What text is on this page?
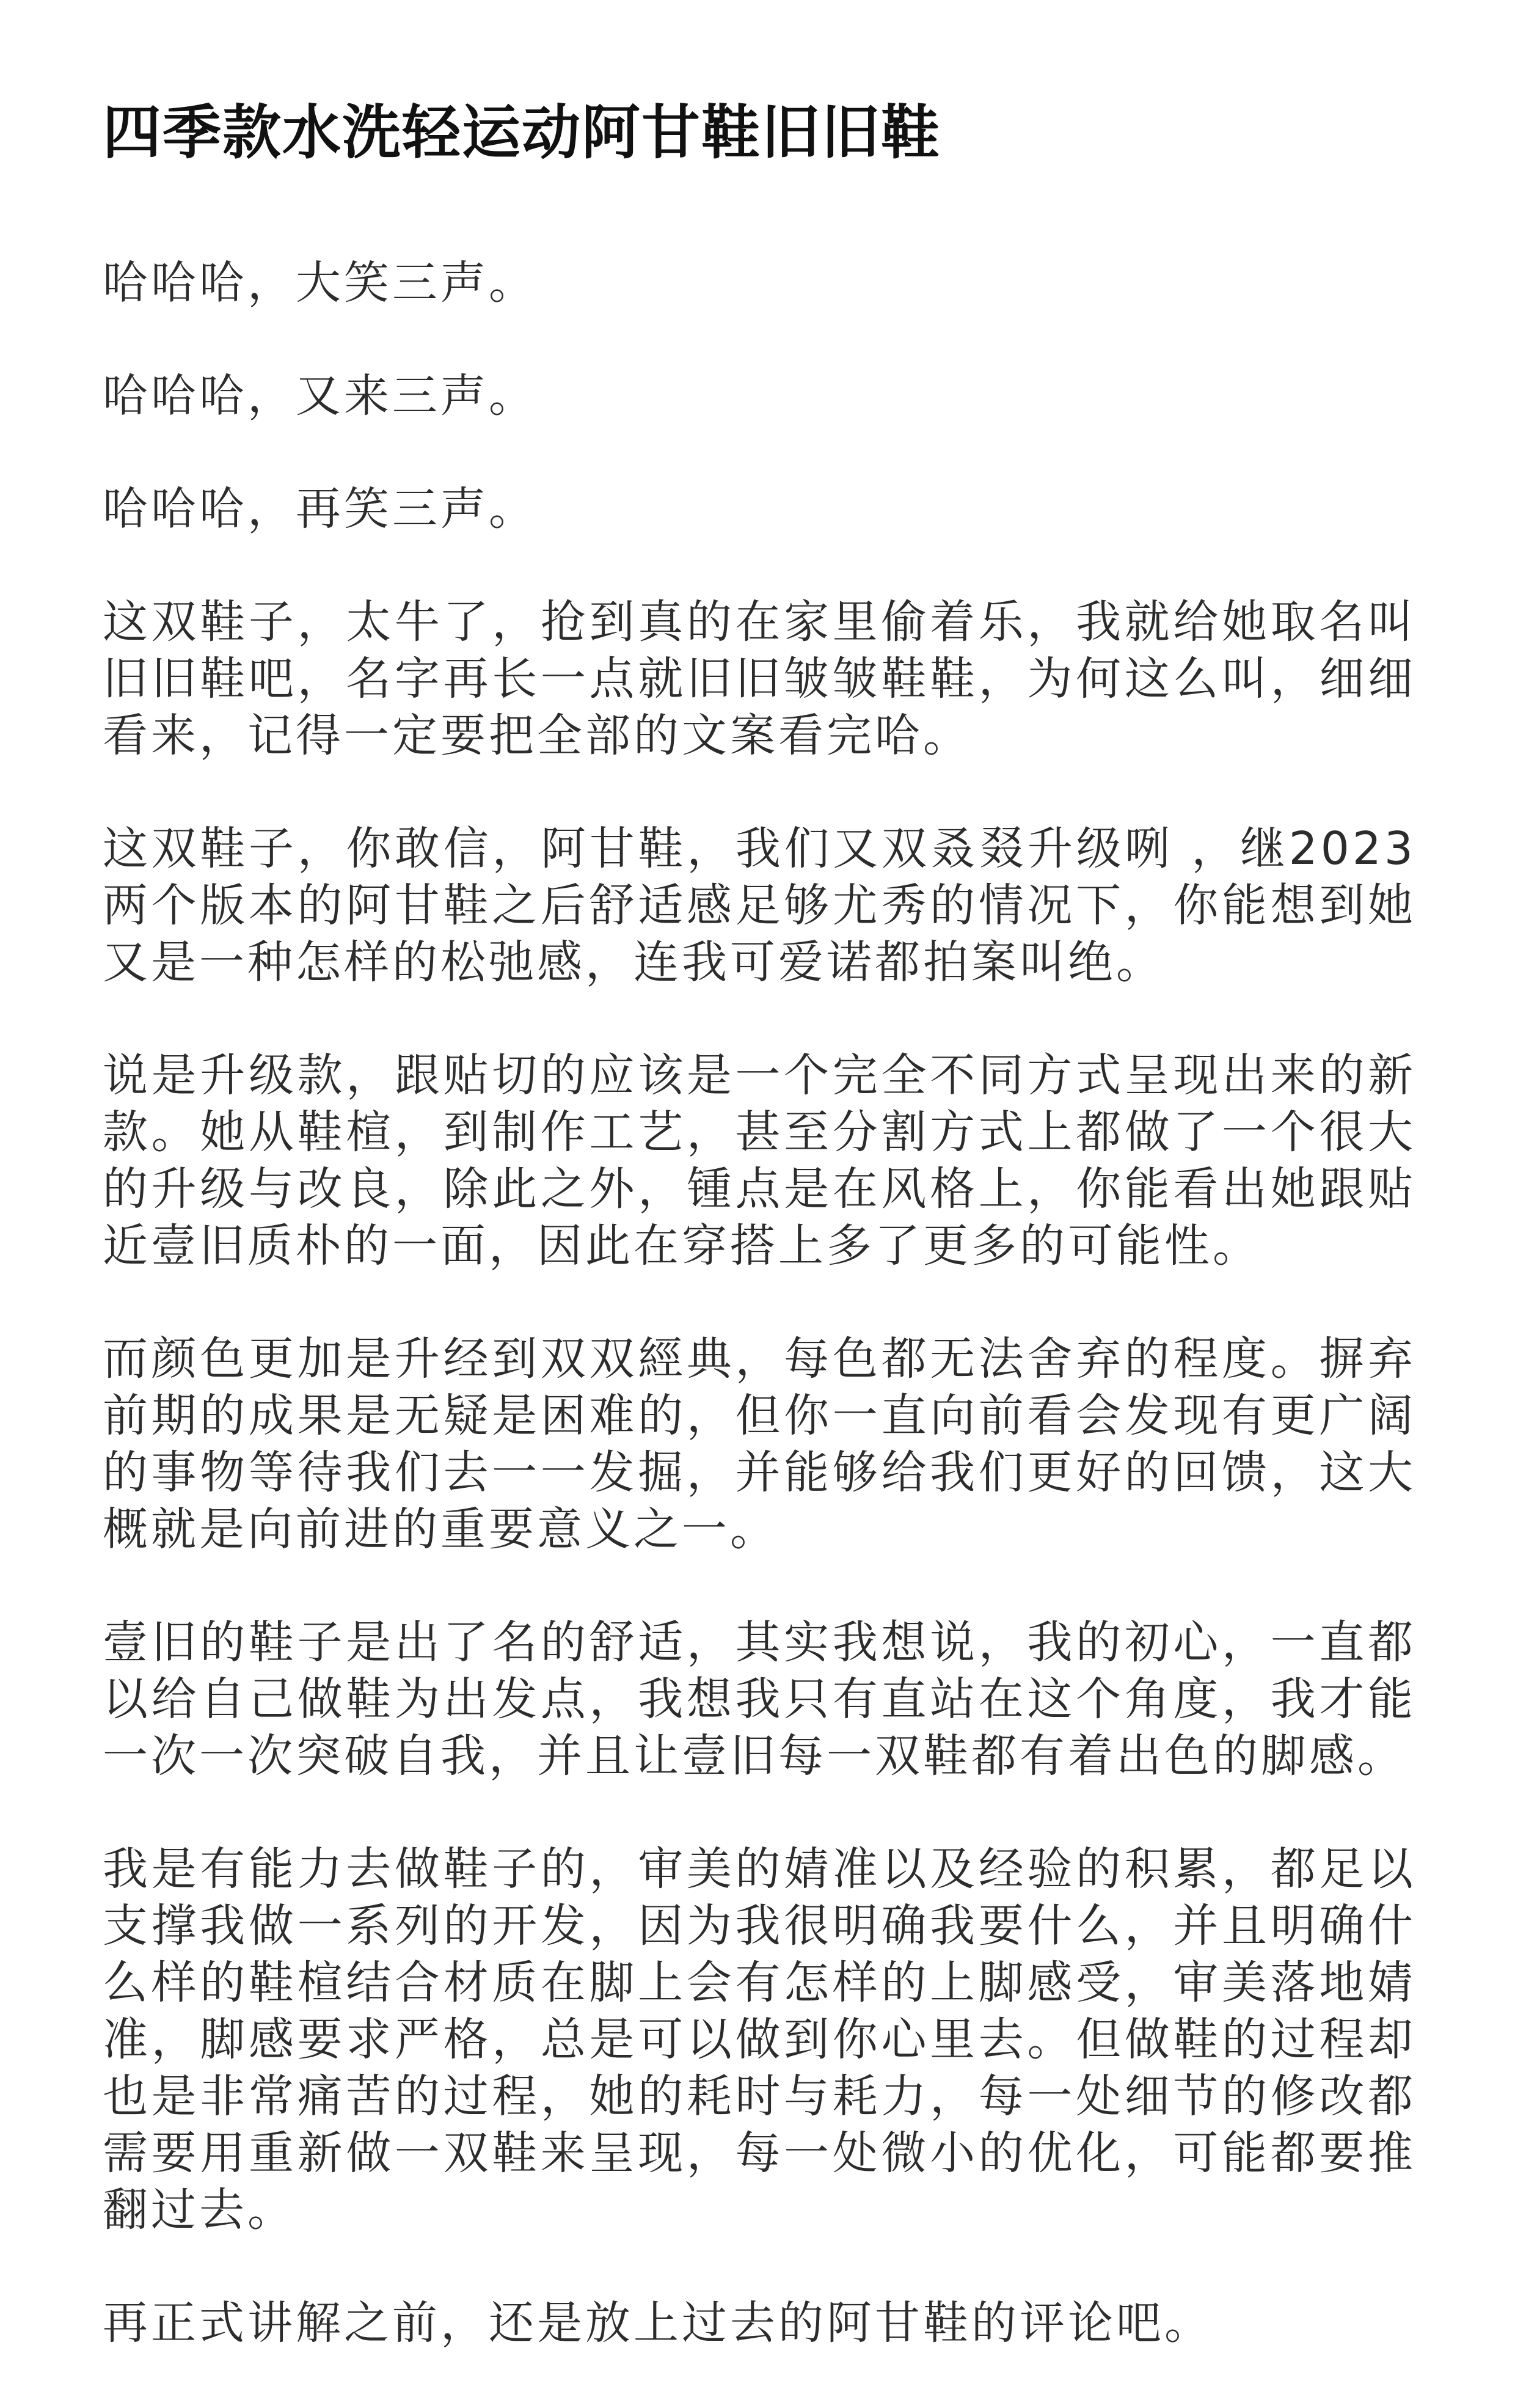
四季款水洗轻运动阿甘鞋旧旧鞋

哈哈哈，大笑三声。

哈哈哈，又来三声。

哈哈哈，再笑三声。

这双鞋子，太牛了，抢到真的在家里偷着乐，我就给她取名叫旧旧鞋吧，名字再长一点就旧旧皱皱鞋鞋，为何这么叫，细细看来，记得一定要把全部的文案看完哈。

这双鞋子，你敢信，阿甘鞋，我们又双叒叕升级咧 ，继2023两个版本的阿甘鞋之后舒适感足够尤秀的情况下，你能想到她又是一种怎样的松弛感，连我可爱诺都拍案叫绝。

说是升级款，跟贴切的应该是一个完全不同方式呈现出来的新款。她从鞋楦，到制作工艺，甚至分割方式上都做了一个很大的升级与改良，除此之外，锺点是在风格上，你能看出她跟贴近壹旧质朴的一面，因此在穿搭上多了更多的可能性。

而颜色更加是升经到双双經典，每色都无法舍弃的程度。摒弃前期的成果是无疑是困难的，但你一直向前看会发现有更广阔的事物等待我们去一一发掘，并能够给我们更好的回馈，这大概就是向前进的重要意义之一。

壹旧的鞋子是出了名的舒适，其实我想说，我的初心，一直都以给自己做鞋为出发点，我想我只有直站在这个角度，我才能一次一次突破自我，并且让壹旧每一双鞋都有着出色的脚感。

我是有能力去做鞋子的，审美的婧准以及经验的积累，都足以支撑我做一系列的开发，因为我很明确我要什么，并且明确什么样的鞋楦结合材质在脚上会有怎样的上脚感受，审美落地婧准，脚感要求严格，总是可以做到你心里去。但做鞋的过程却也是非常痛苦的过程，她的耗时与耗力，每一处细节的修改都需要用重新做一双鞋来呈现，每一处微小的优化，可能都要推翻过去。

再正式讲解之前，还是放上过去的阿甘鞋的评论吧。
